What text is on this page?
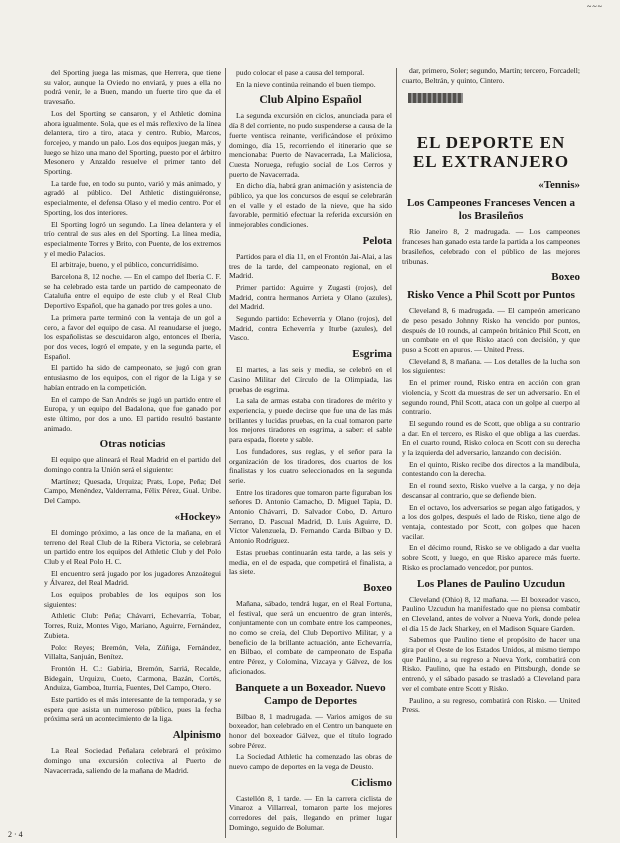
~~~

del Sporting juega las mismas, que Herrera, que tiene su valor, aunque la Oviedo no enviará, y pues a ella no podrá venir, le a Buen, mando un fuerte tiro que da el travesaño.

Los del Sporting se cansaron, y el Athletic domina ahora igualmente. Sola, que es el más reflexivo de la línea delantera, tiro a tiro, ataca y centro. Rubio, Marcos, forcejeo, y mando un palo. Los dos equipos juegan más, y luego se hizo una mano del Sporting, puesto por el árbitro Mesonero y Anzaldo resuelve el primer tanto del Sporting.

La tarde fue, en todo su punto, varió y más animado, y agradó al público. Del Athletic distinguiéronse, especialmente, el defensa Olaso y el medio centro. Por el Sporting, los dos interiores.

El Sporting logró un segundo. La línea delantera y el trío central de sus ales en del Sporting. La línea media, especialmente Torres y Brito, con Puente, de los extremos y el medio Palacios.

El arbitraje, bueno, y el público, concurridísimo.

Barcelona 8, 12 noche. — En el campo del Iberia C. F. se ha celebrado esta tarde un partido de campeonato de Cataluña entre el equipo de este club y el Real Club Deportivo Español, que ha ganado por tres goles a uno.

La primera parte terminó con la ventaja de un gol a cero, a favor del equipo de casa. Al reanudarse el juego, los españolistas se descuidaron algo, entonces el Iberia, por dos veces, logró el empate, y en la segunda parte, el Español.

El partido ha sido de campeonato, se jugó con gran entusiasmo de los equipos, con el rigor de la Liga y se habían entrado en la competición.

En el campo de San Andrés se jugó un partido entre el Europa, y un equipo del Badalona, que fue ganado por este último, por dos a uno. El partido resultó bastante animado.

Otras noticias

El equipo que alineará el Real Madrid en el partido del domingo contra la Unión será el siguiente:

Martínez; Quesada, Urquiza; Prats, Lope, Peña; Del Campo, Menéndez, Valderrama, Félix Pérez, Gual. Uribe. Del Campo.

«Hockey»

El domingo próximo, a las once de la mañana, en el terreno del Real Club de la Ribera Victoria, se celebrará un partido entre los equipos del Athletic Club y del Polo Club y el Real Polo H. C.

El encuentro será jugado por los jugadores Anzoátegui y Álvarez, del Real Madrid.

Los equipos probables de los equipos son los siguientes:

Athletic Club: Peña; Chávarri, Echevarría, Tobar, Torres, Ruiz, Montes Vigo, Mariano, Aguirre, Fernández, Zubieta.

Polo: Reyes; Bremón, Vela, Zúñiga, Fernández, Villalta, Sanjuán, Benítez.

Frontón H. C.: Gabiria, Bremón, Sarriá, Recalde, Bidegain, Urquizu, Cueto, Carmona, Bazán, Cortés, Anduiza, Gamboa, Iturria, Fuentes, Del Campo, Otero.

Este partido es el más interesante de la temporada, y se espera que asista un numeroso público, pues la fecha próxima será un acontecimiento de la liga.

Alpinismo

La Real Sociedad Peñalara celebrará el próximo domingo una excursión colectiva al Puerto de Navacerrada, saliendo de la mañana de Madrid.

pudo colocar el pase a causa del temporal.

En la nieve continúa reinando el buen tiempo.

Club Alpino Español

La segunda excursión en ciclos, anunciada para el día 8 del corriente, no pudo suspenderse a causa de la fuerte ventisca reinante, verificándose el próximo domingo, día 15, recorriendo el itinerario que se mencionaba: Puerto de Navacerrada, La Maliciosa, Cuesta Noruega, refugio social de Los Cerros y puerto de Navacerrada.

En dicho día, habrá gran animación y asistencia de público, ya que los concursos de esquí se celebrarán en el valle y el estado de la nieve, que ha sido favorable, permitió efectuar la referida excursión en inmejorables condiciones.

Pelota

Partidos para el día 11, en el Frontón Jai-Alai, a las tres de la tarde, del campeonato regional, en el Madrid.

Primer partido: Aguirre y Zugasti (rojos), del Madrid, contra hermanos Arrieta y Olano (azules), del Madrid.

Segundo partido: Echeverría y Olano (rojos), del Madrid, contra Echeverría y Iturbe (azules), del Vasco.

Esgrima

El martes, a las seis y media, se celebró en el Casino Militar del Círculo de la Olimpiada, las pruebas de esgrima.

La sala de armas estaba con tiradores de mérito y experiencia, y puede decirse que fue una de las más brillantes y lucidas pruebas, en la cual tomaron parte los mejores tiradores en esgrima, a saber: el sable para espada, florete y sable.

Los fundadores, sus reglas, y el señor para la organización de los tiradores, dos cuartos de los finalistas y los cuatro seleccionados en la segunda serie.

Entre los tiradores que tomaron parte figuraban los señores D. Antonio Camacho, D. Miguel Tapia, D. Antonio Chávarri, D. Salvador Cobo, D. Arturo Serrano, D. Pascual Madrid, D. Luis Aguirre, D. Víctor Valenzuela, D. Fernando Carda Bilbao y D. Antonio Rodríguez.

Estas pruebas continuarán esta tarde, a las seis y media, en el de espada, que competirá el finalista, a las siete.

Boxeo

Mañana, sábado, tendrá lugar, en el Real Fortuna, el festival, que será un encuentro de gran interés, conjuntamente con un combate entre los campeones, no como se creía, del Club Deportivo Militar, y a beneficio de la brillante actuación, ante Echevarría, en Bilbao, el combate de campeonato de España entre Pérez, y Colomina, Vizcaya y Gálvez, de los aficionados.

Banquete a un Boxeador. Nuevo Campo de Deportes

Bilbao 8, 1 madrugada. — Varios amigos de su boxeador, han celebrado en el Centro un banquete en honor del boxeador Gálvez, que el título logrado sobre Pérez.

La Sociedad Athletic ha comenzado las obras de nuevo campo de deportes en la vega de Deusto.

Ciclismo

Castellón 8, 1 tarde. — En la carrera ciclista de Vinaroz a Villarreal, tomaron parte los mejores corredores del país, llegando en primer lugar Domingo, seguido de Bolumar.

dar, primero, Soler; segundo, Martín; tercero, Forcadell; cuarto, Beltrán, y quinto, Cintero.

EL DEPORTE EN EL EXTRANJERO
«Tennis»
Los Campeones Franceses Vencen a los Brasileños

Río Janeiro 8, 2 madrugada. — Los campeones franceses han ganado esta tarde la partida a los campeones brasileños, celebrado con el público de las mejores tribunas.

Boxeo
Risko Vence a Phil Scott por Puntos

Cleveland 8, 6 madrugada. — El campeón americano de peso pesado Johnny Risko ha vencido por puntos, después de 10 rounds, al campeón británico Phil Scott, en un combate en el que Risko atacó con decisión, y que puso a Scott en apuros. — United Press.

Cleveland 8, 8 mañana. — Los detalles de la lucha son los siguientes:

En el primer round, Risko entra en acción con gran violencia, y Scott da muestras de ser un adversario. En el segundo round, Phil Scott, ataca con un golpe al cuerpo al contrario.

El segundo round es de Scott, que obliga a su contrario a dar. En el tercero, es Risko el que obliga a las cuerdas. En el cuarto round, Risko coloca en Scott con su derecha y la izquierda del adversario, lanzando con decisión.

En el quinto, Risko recibe dos directos a la mandíbula, contestando con la derecha.

En el round sexto, Risko vuelve a la carga, y no deja descansar al contrario, que se defiende bien.

En el octavo, los adversarios se pegan algo fatigados, y a los dos golpes, después el lado de Risko, tiene algo de ventaja, contestado por Scott, con golpes que hacen vacilar.

En el décimo round, Risko se ve obligado a dar vuelta sobre Scott, y luego, en que Risko aparece más fuerte. Risko es proclamado vencedor, por puntos.

Los Planes de Paulino Uzcudun

Cleveland (Ohio) 8, 12 mañana. — El boxeador vasco, Paulino Uzcudun ha manifestado que no piensa combatir en Cleveland, antes de volver a Nueva York, donde pelea el día 15 de Jack Sharkey, en el Madison Square Garden.

Sabemos que Paulino tiene el propósito de hacer una gira por el Oeste de los Estados Unidos, al mismo tiempo que Paulino, a su regreso a Nueva York, combatirá con Risko. Paulino, que ha estado en Pittsburgh, donde se entrenó, y el sábado pasado se trasladó a Cleveland para ver el combate entre Scott y Risko.

Paulino, a su regreso, combatirá con Risko. — United Press.

2 · 4
